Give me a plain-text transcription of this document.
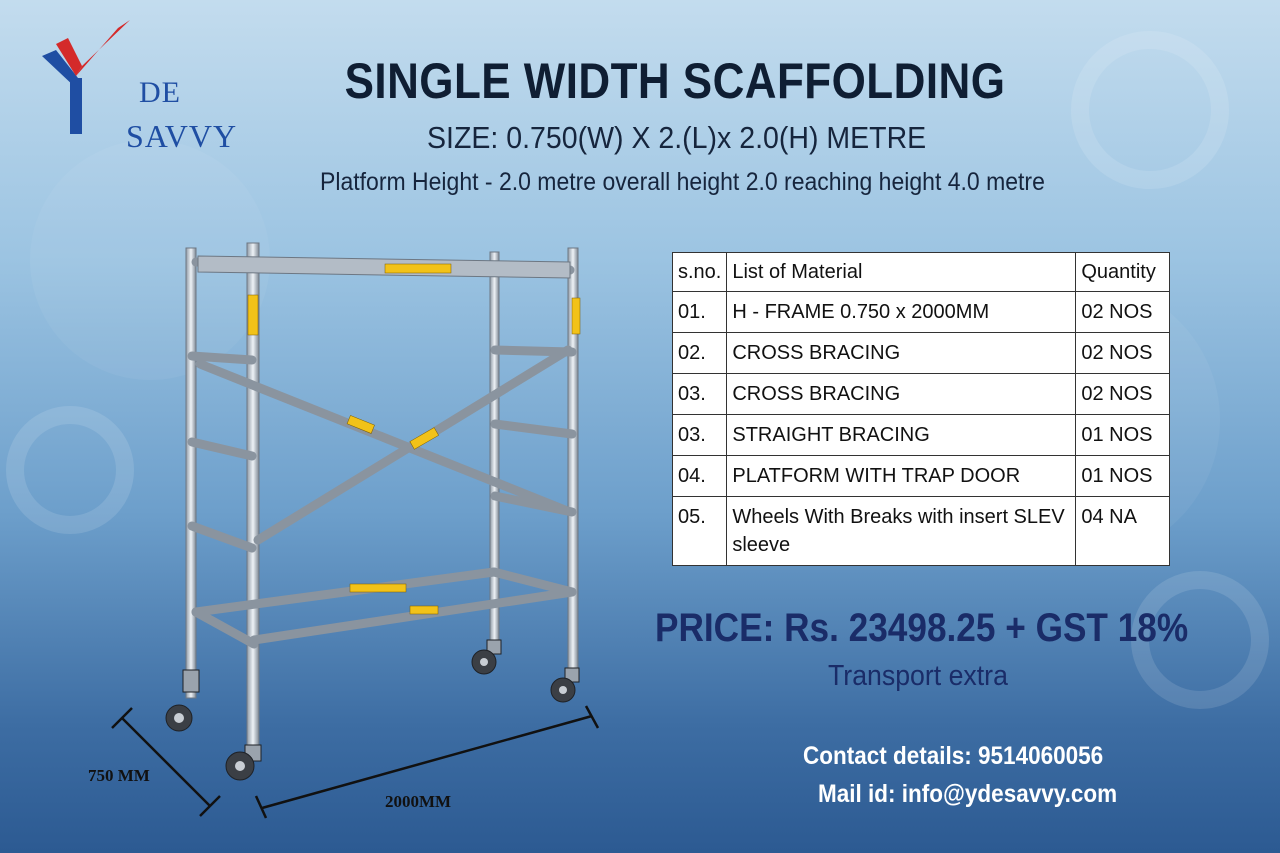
DE
SAVVY
SINGLE WIDTH SCAFFOLDING
SIZE: 0.750(W) X 2.(L)x 2.0(H) METRE
Platform Height - 2.0 metre overall height 2.0 reaching height 4.0 metre
750 MM
2000MM
s.no.	List of Material	Quantity
01.	H - FRAME 0.750 x 2000MM	02 NOS
02.	CROSS BRACING	02 NOS
03.	CROSS BRACING	02 NOS
03.	STRAIGHT BRACING	01 NOS
04.	PLATFORM WITH TRAP DOOR	01 NOS
05.	Wheels With Breaks with insert SLEV sleeve	04 NA
PRICE: Rs. 23498.25 + GST 18%
Transport extra
Contact details: 9514060056
Mail id: info@ydesavvy.com
